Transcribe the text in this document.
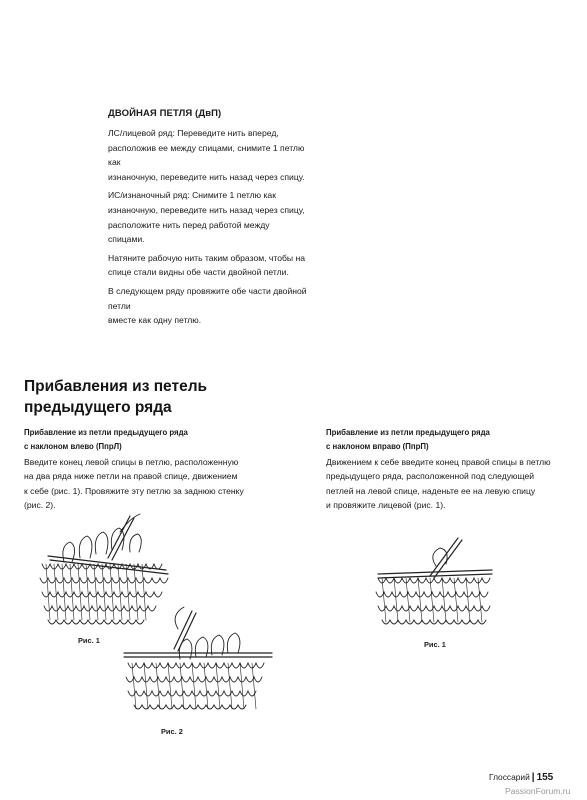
ДВОЙНАЯ ПЕТЛЯ (ДвП)

ЛС/лицевой ряд: Переведите нить вперед,
расположив ее между спицами, снимите 1 петлю как
изнаночную, переведите нить назад через спицу.

ИС/изнаночный ряд: Снимите 1 петлю как
изнаночную, переведите нить назад через спицу,
расположите нить перед работой между спицами.

Натяните рабочую нить таким образом, чтобы на
спице стали видны обе части двойной петли.

В следующем ряду провяжите обе части двойной петли
вместе как одну петлю.

Прибавления из петель

предыдущего ряда

Прибавление из петли предыдущего ряда

с наклоном влево (ПпрЛ)

Введите конец левой спицы в петлю, расположенную
на два ряда ниже петли на правой спице, движением
к себе (рис. 1). Провяжите эту петлю за заднюю стенку
(рис. 2).

Прибавление из петли предыдущего ряда

с наклоном вправо (ПпрП)

Движением к себе введите конец правой спицы в петлю
предыдущего ряда, расположенной под следующей
петлей на левой спице, наденьте ее на левую спицу
и провяжите лицевой (рис. 1).

Рис. 1
Рис. 2
Рис. 1
Глоссарий | 155
PassionForum.ru
